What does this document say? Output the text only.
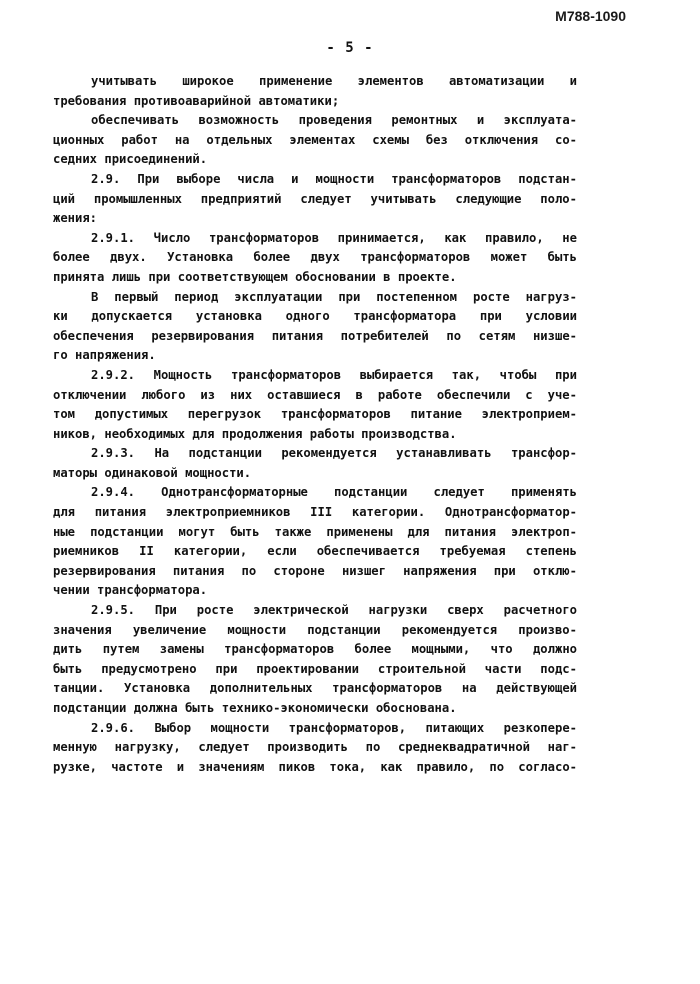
М788-1090
- 5 -
учитывать широкое применение элементов автоматизации и
требования противоаварийной автоматики;
обеспечивать возможность проведения ремонтных и эксплуата-
ционных работ на отдельных элементах схемы без отключения со-
седних присоединений.
2.9. При выборе числа и мощности трансформаторов подстан-
ций промышленных предприятий следует учитывать следующие поло-
жения:
2.9.1. Число трансформаторов принимается, как правило, не
более двух. Установка более двух трансформаторов может быть
принята лишь при соответствующем обосновании в проекте.
В первый период эксплуатации при постепенном росте нагруз-
ки допускается установка одного трансформатора при условии
обеспечения резервирования питания потребителей по сетям низше-
го напряжения.
2.9.2. Мощность трансформаторов выбирается так, чтобы при
отключении любого из них оставшиеся в работе обеспечили с уче-
том допустимых перегрузок трансформаторов питание электроприем-
ников, необходимых для продолжения работы производства.
2.9.3. На подстанции рекомендуется устанавливать трансфор-
маторы одинаковой мощности.
2.9.4. Однотрансформаторные подстанции следует применять
для питания электроприемников III категории. Однотрансформатор-
ные подстанции могут быть также применены для питания электроп-
риемников II категории, если обеспечивается требуемая степень
резервирования питания по стороне низшег напряжения при отклю-
чении трансформатора.
2.9.5. При росте электрической нагрузки сверх расчетного
значения увеличение мощности подстанции рекомендуется произво-
дить путем замены трансформаторов более мощными, что должно
быть предусмотрено при проектировании строительной части подс-
танции. Установка дополнительных трансформаторов на действующей
подстанции должна быть технико-экономически обоснована.
2.9.6. Выбор мощности трансформаторов, питающих резкопере-
менную нагрузку, следует производить по среднеквадратичной наг-
рузке, частоте и значениям пиков тока, как правило, по согласо-
